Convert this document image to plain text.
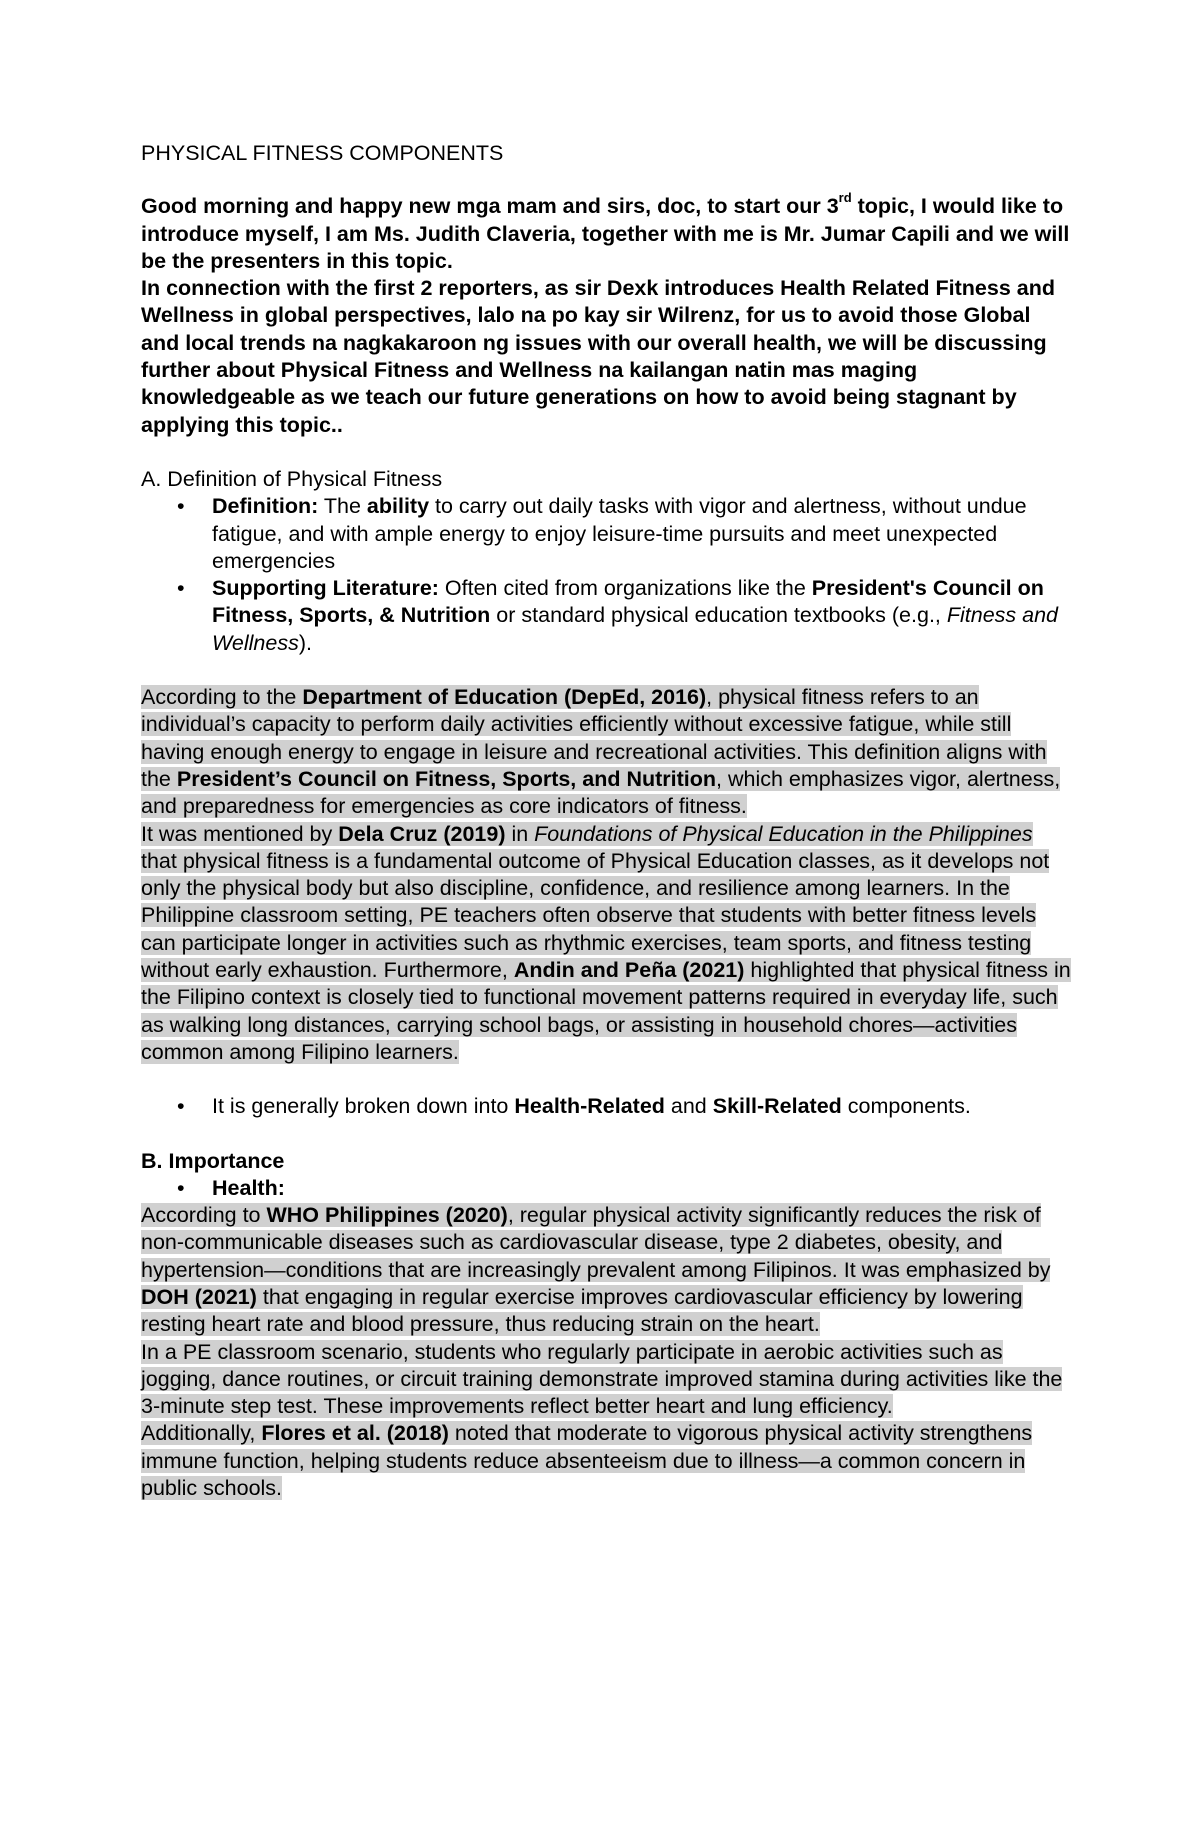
PHYSICAL FITNESS COMPONENTS

Good morning and happy new mga mam and sirs, doc, to start our 3rd topic, I would like to introduce myself, I am Ms. Judith Claveria, together with me is Mr. Jumar Capili and we will be the presenters in this topic.
In connection with the first 2 reporters, as sir Dexk introduces Health Related Fitness and Wellness in global perspectives, lalo na po kay sir Wilrenz, for us to avoid those Global and local trends na nagkakaroon ng issues with our overall health, we will be discussing further about Physical Fitness and Wellness na kailangan natin mas maging knowledgeable as we teach our future generations on how to avoid being stagnant by applying this topic..

A. Definition of Physical Fitness

• Definition: The ability to carry out daily tasks with vigor and alertness, without undue fatigue, and with ample energy to enjoy leisure-time pursuits and meet unexpected emergencies
• Supporting Literature: Often cited from organizations like the President's Council on Fitness, Sports, & Nutrition or standard physical education textbooks (e.g., Fitness and Wellness).

According to the Department of Education (DepEd, 2016), physical fitness refers to an individual’s capacity to perform daily activities efficiently without excessive fatigue, while still having enough energy to engage in leisure and recreational activities. This definition aligns with the President’s Council on Fitness, Sports, and Nutrition, which emphasizes vigor, alertness, and preparedness for emergencies as core indicators of fitness.

It was mentioned by Dela Cruz (2019) in Foundations of Physical Education in the Philippines that physical fitness is a fundamental outcome of Physical Education classes, as it develops not only the physical body but also discipline, confidence, and resilience among learners. In the Philippine classroom setting, PE teachers often observe that students with better fitness levels can participate longer in activities such as rhythmic exercises, team sports, and fitness testing without early exhaustion. Furthermore, Andin and Peña (2021) highlighted that physical fitness in the Filipino context is closely tied to functional movement patterns required in everyday life, such as walking long distances, carrying school bags, or assisting in household chores—activities common among Filipino learners.

• It is generally broken down into Health-Related and Skill-Related components.

B. Importance

• Health:

According to WHO Philippines (2020), regular physical activity significantly reduces the risk of non-communicable diseases such as cardiovascular disease, type 2 diabetes, obesity, and hypertension—conditions that are increasingly prevalent among Filipinos. It was emphasized by DOH (2021) that engaging in regular exercise improves cardiovascular efficiency by lowering resting heart rate and blood pressure, thus reducing strain on the heart.

In a PE classroom scenario, students who regularly participate in aerobic activities such as jogging, dance routines, or circuit training demonstrate improved stamina during activities like the 3-minute step test. These improvements reflect better heart and lung efficiency.

Additionally, Flores et al. (2018) noted that moderate to vigorous physical activity strengthens immune function, helping students reduce absenteeism due to illness—a common concern in public schools.
